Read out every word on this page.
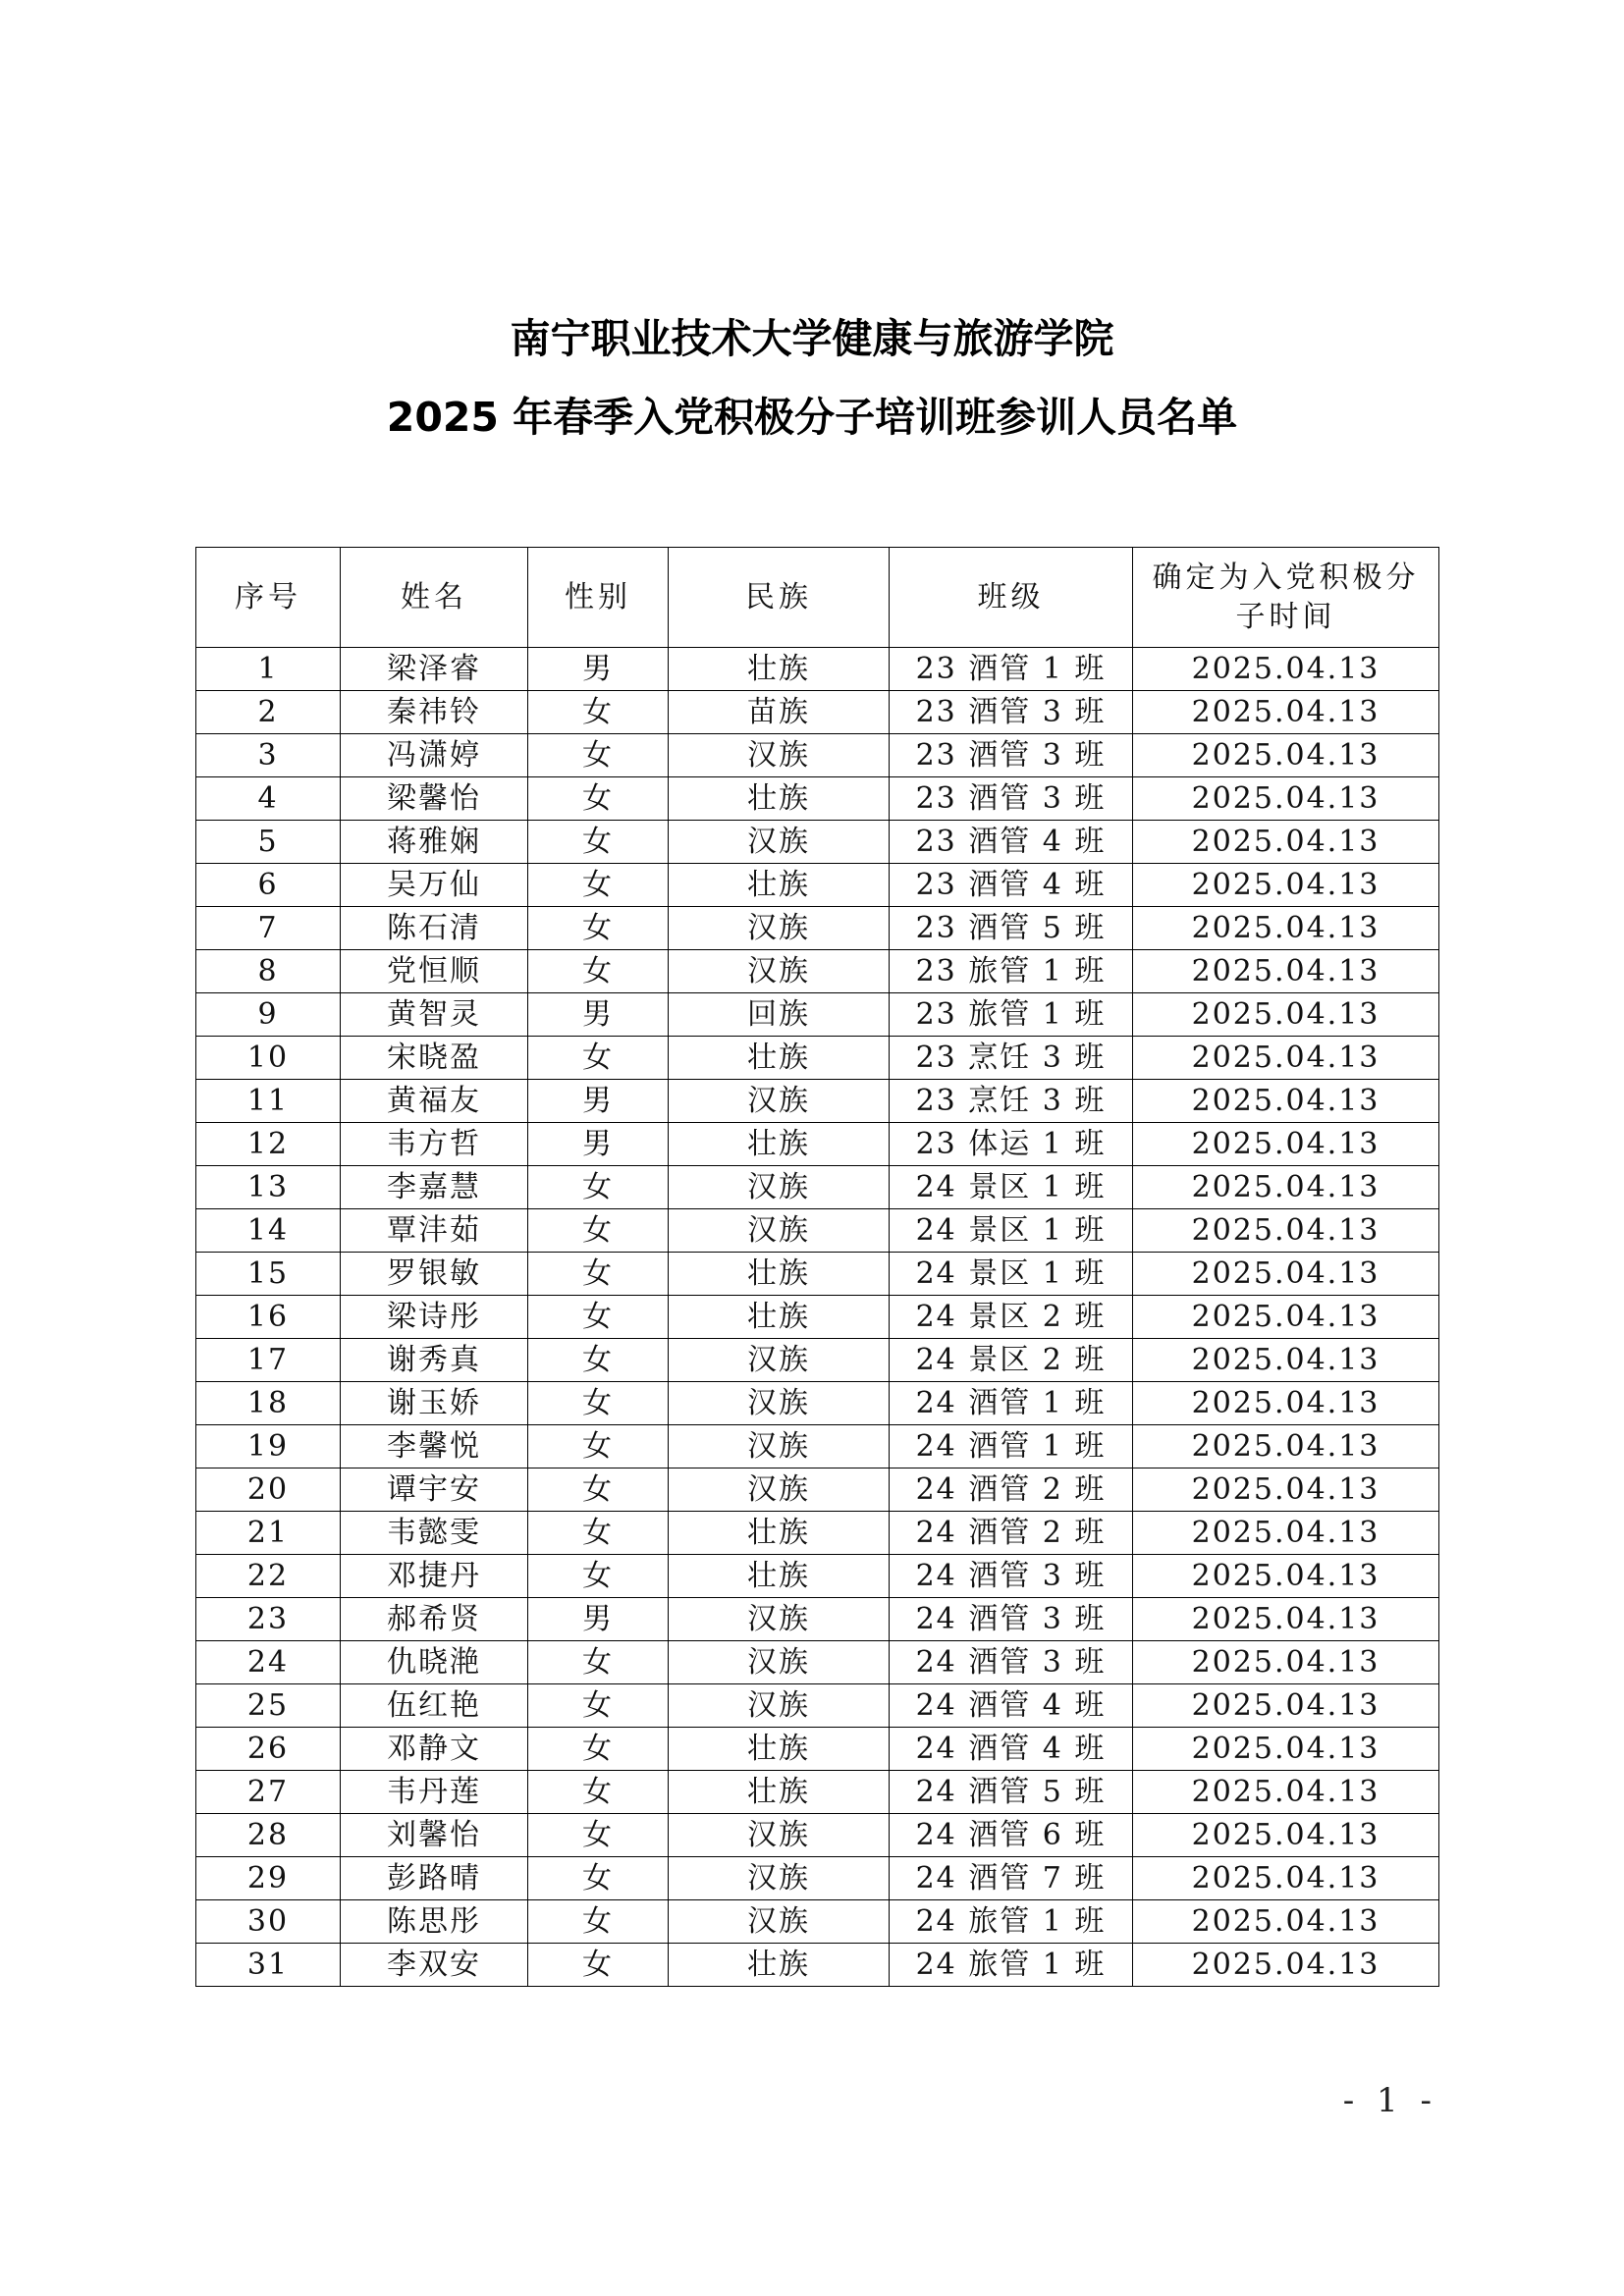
南宁职业技术大学健康与旅游学院
2025 年春季入党积极分子培训班参训人员名单
序号	姓名	性别	民族	班级	确定为入党积极分子时间
1	梁泽睿	男	壮族	23 酒管 1 班	2025.04.13
2	秦祎铃	女	苗族	23 酒管 3 班	2025.04.13
3	冯潇婷	女	汉族	23 酒管 3 班	2025.04.13
4	梁馨怡	女	壮族	23 酒管 3 班	2025.04.13
5	蒋雅娴	女	汉族	23 酒管 4 班	2025.04.13
6	吴万仙	女	壮族	23 酒管 4 班	2025.04.13
7	陈石清	女	汉族	23 酒管 5 班	2025.04.13
8	党恒顺	女	汉族	23 旅管 1 班	2025.04.13
9	黄智灵	男	回族	23 旅管 1 班	2025.04.13
10	宋晓盈	女	壮族	23 烹饪 3 班	2025.04.13
11	黄福友	男	汉族	23 烹饪 3 班	2025.04.13
12	韦方哲	男	壮族	23 体运 1 班	2025.04.13
13	李嘉慧	女	汉族	24 景区 1 班	2025.04.13
14	覃沣茹	女	汉族	24 景区 1 班	2025.04.13
15	罗银敏	女	壮族	24 景区 1 班	2025.04.13
16	梁诗彤	女	壮族	24 景区 2 班	2025.04.13
17	谢秀真	女	汉族	24 景区 2 班	2025.04.13
18	谢玉娇	女	汉族	24 酒管 1 班	2025.04.13
19	李馨悦	女	汉族	24 酒管 1 班	2025.04.13
20	谭宇安	女	汉族	24 酒管 2 班	2025.04.13
21	韦懿雯	女	壮族	24 酒管 2 班	2025.04.13
22	邓捷丹	女	壮族	24 酒管 3 班	2025.04.13
23	郝希贤	男	汉族	24 酒管 3 班	2025.04.13
24	仇晓滟	女	汉族	24 酒管 3 班	2025.04.13
25	伍红艳	女	汉族	24 酒管 4 班	2025.04.13
26	邓静文	女	壮族	24 酒管 4 班	2025.04.13
27	韦丹莲	女	壮族	24 酒管 5 班	2025.04.13
28	刘馨怡	女	汉族	24 酒管 6 班	2025.04.13
29	彭路晴	女	汉族	24 酒管 7 班	2025.04.13
30	陈思彤	女	汉族	24 旅管 1 班	2025.04.13
31	李双安	女	壮族	24 旅管 1 班	2025.04.13
- 1 -
